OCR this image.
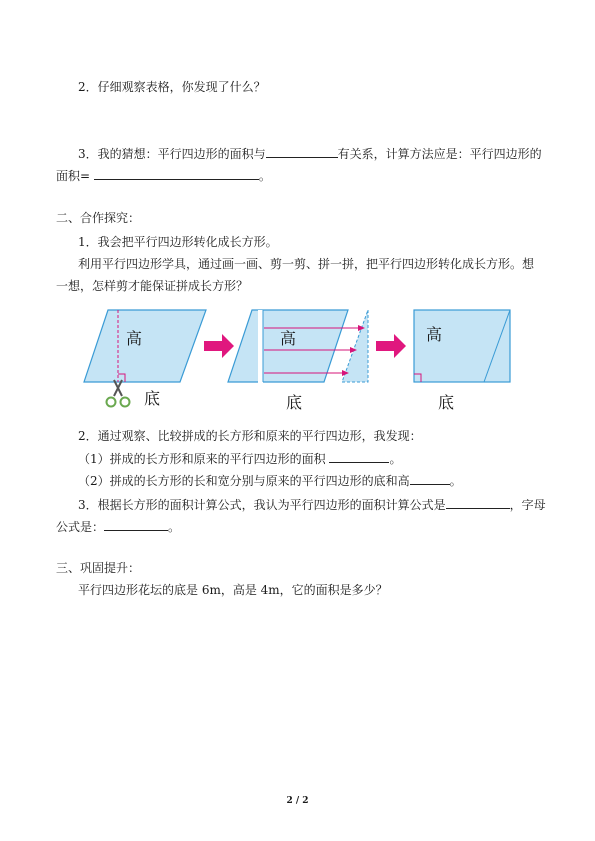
2．仔细观察表格，你发现了什么？
3．我的猜想：平行四边形的面积与	有关系，计算方法应是：平行四边形的
面积=	。
二、合作探究：
1．我会把平行四边形转化成长方形。
利用平行四边形学具，通过画一画、剪一剪、拼一拼，把平行四边形转化成长方形。想
一想，怎样剪才能保证拼成长方形？
高	高	高
底	底	底
2．通过观察、比较拼成的长方形和原来的平行四边形，我发现：
（1）拼成的长方形和原来的平行四边形的面积	。
（2）拼成的长方形的长和宽分别与原来的平行四边形的底和高	。
3．根据长方形的面积计算公式，我认为平行四边形的面积计算公式是	，字母
公式是：	。
三、巩固提升：
平行四边形花坛的底是 6m，高是 4m，它的面积是多少？
2 / 2
